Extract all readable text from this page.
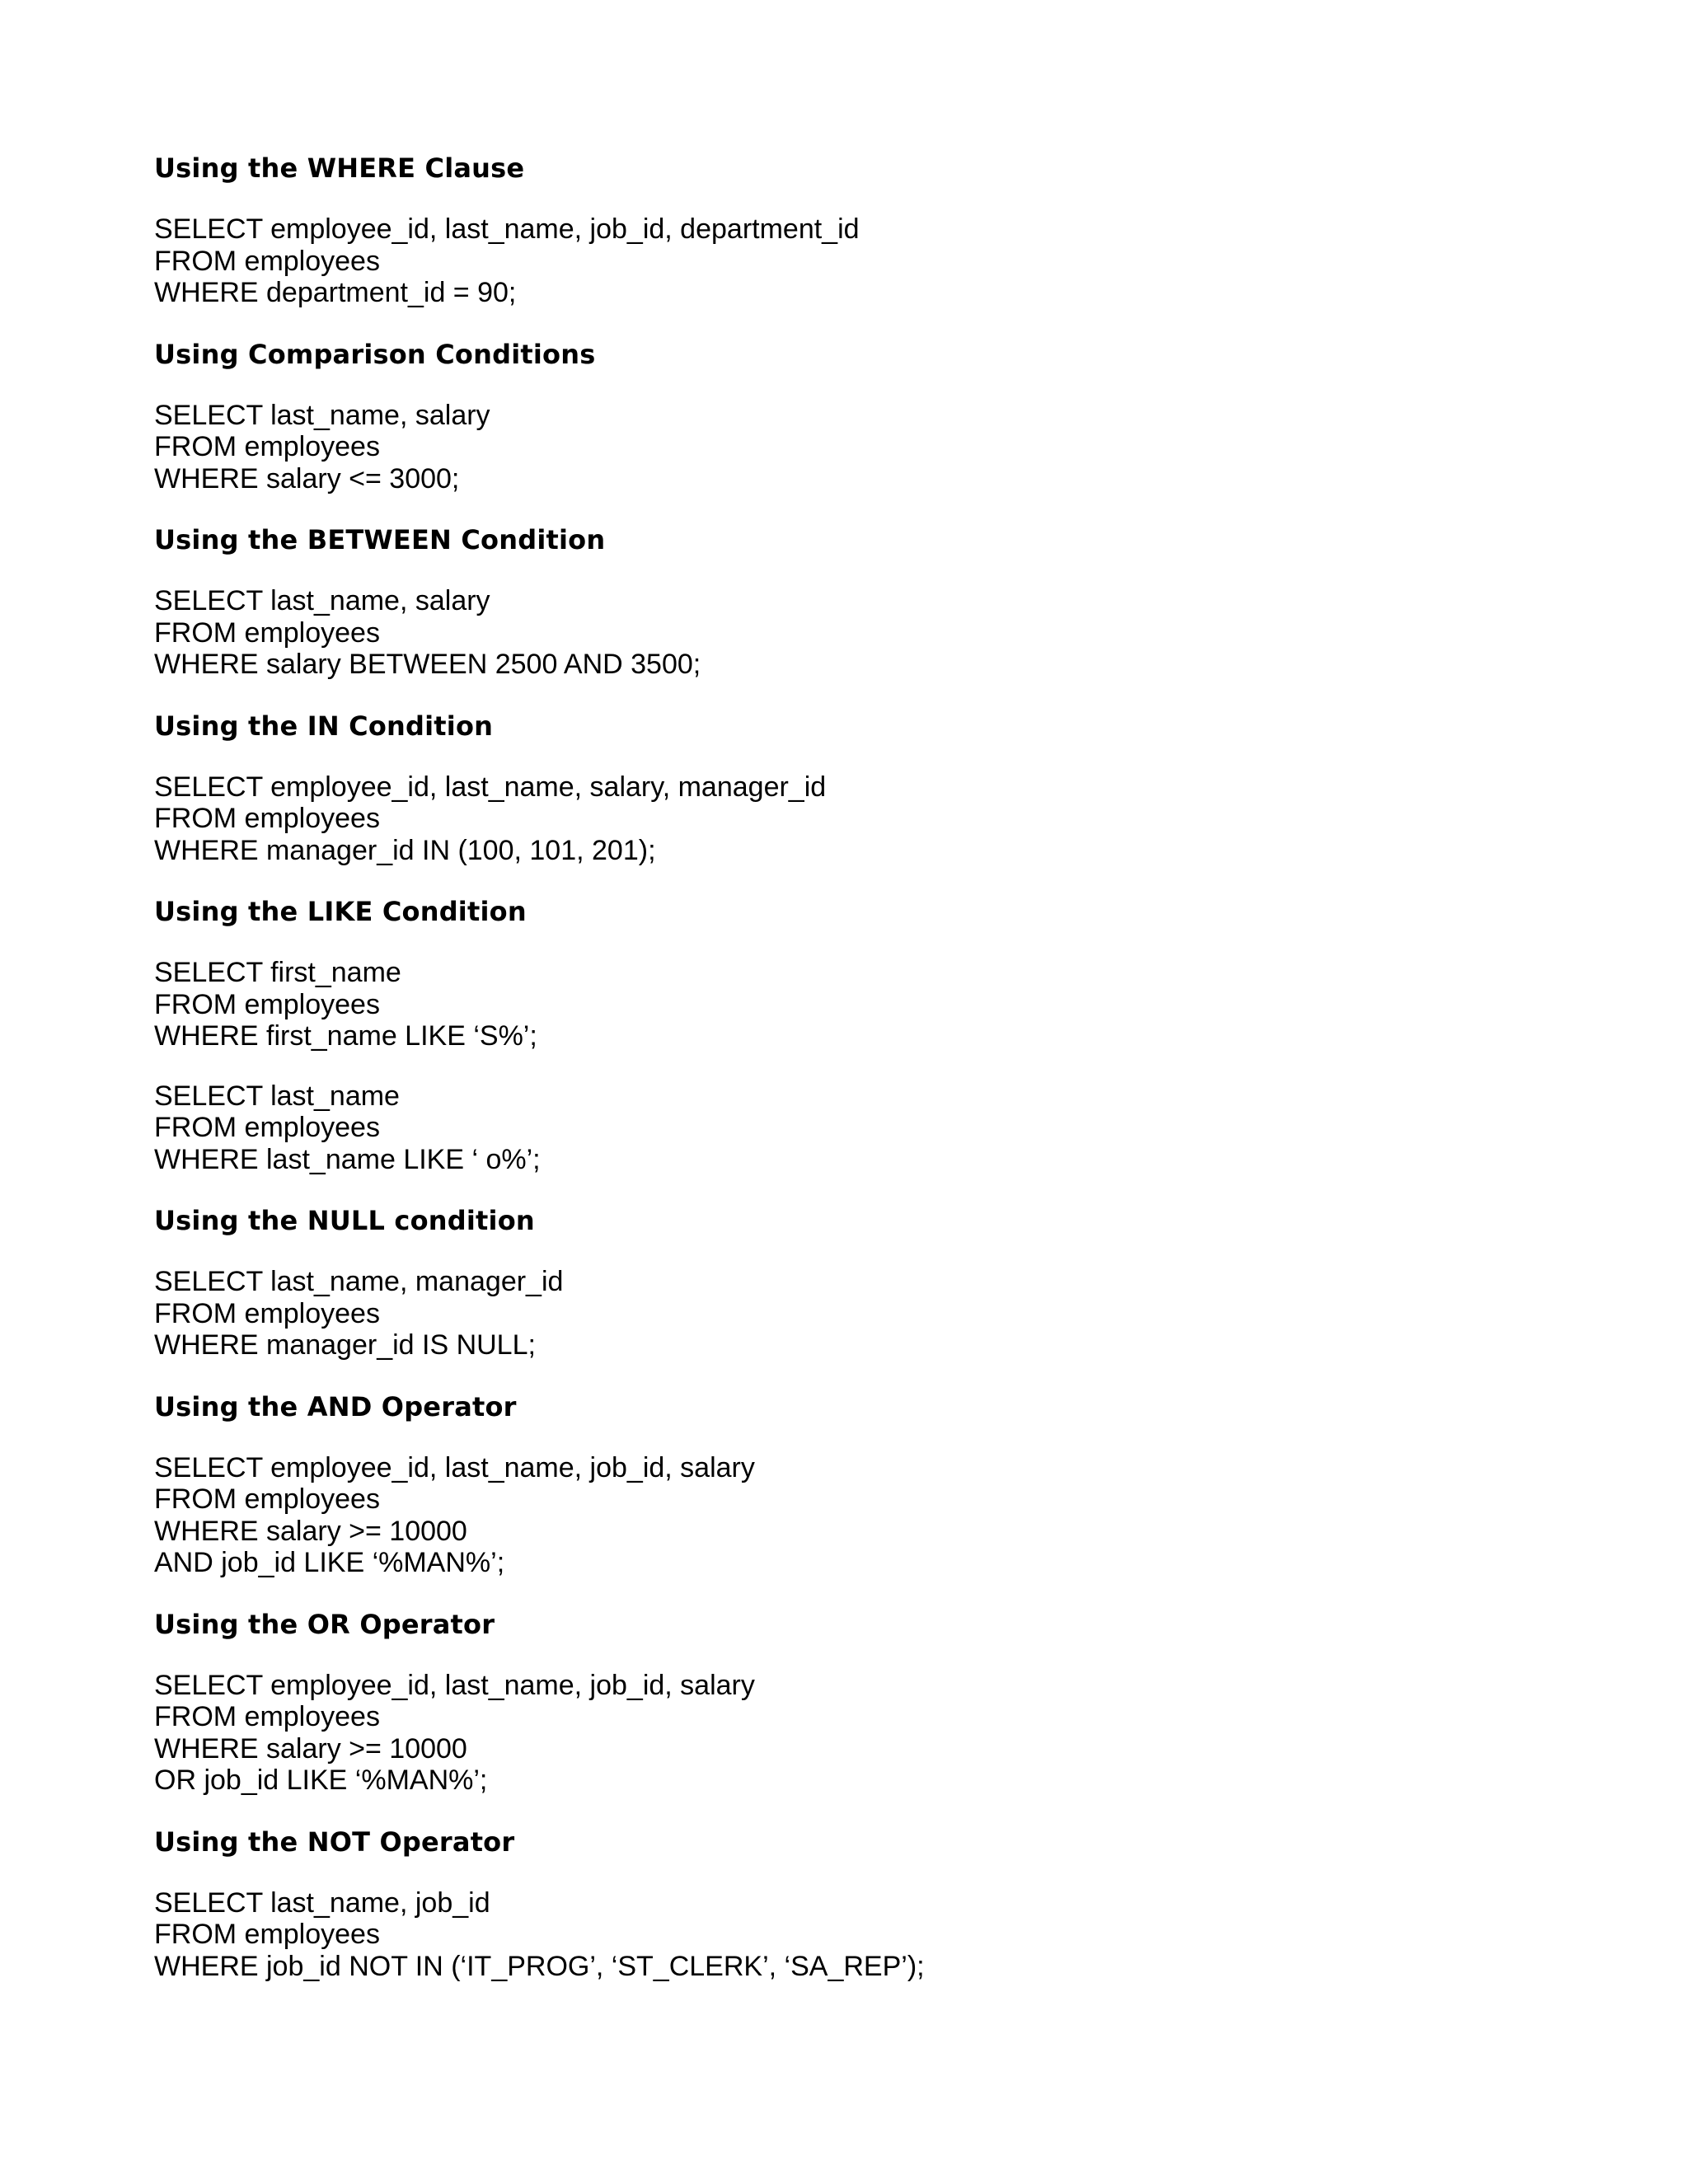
Using the WHERE Clause
SELECT employee_id, last_name, job_id, department_id
FROM employees
WHERE department_id = 90;
Using Comparison Conditions
SELECT last_name, salary
FROM employees
WHERE salary <= 3000;
Using the BETWEEN Condition
SELECT last_name, salary
FROM employees
WHERE salary BETWEEN 2500 AND 3500;
Using the IN Condition
SELECT employee_id, last_name, salary, manager_id
FROM employees
WHERE manager_id IN (100, 101, 201);
Using the LIKE Condition
SELECT first_name
FROM employees
WHERE first_name LIKE ‘S%’;
SELECT last_name
FROM employees
WHERE last_name LIKE ‘ o%’;
Using the NULL condition
SELECT last_name, manager_id
FROM employees
WHERE manager_id IS NULL;
Using the AND Operator
SELECT employee_id, last_name, job_id, salary
FROM employees
WHERE salary >= 10000
AND job_id LIKE ‘%MAN%’;
Using the OR Operator
SELECT employee_id, last_name, job_id, salary
FROM employees
WHERE salary >= 10000
OR job_id LIKE ‘%MAN%’;
Using the NOT Operator
SELECT last_name, job_id
FROM employees
WHERE job_id NOT IN (‘IT_PROG’, ‘ST_CLERK’, ‘SA_REP’);
